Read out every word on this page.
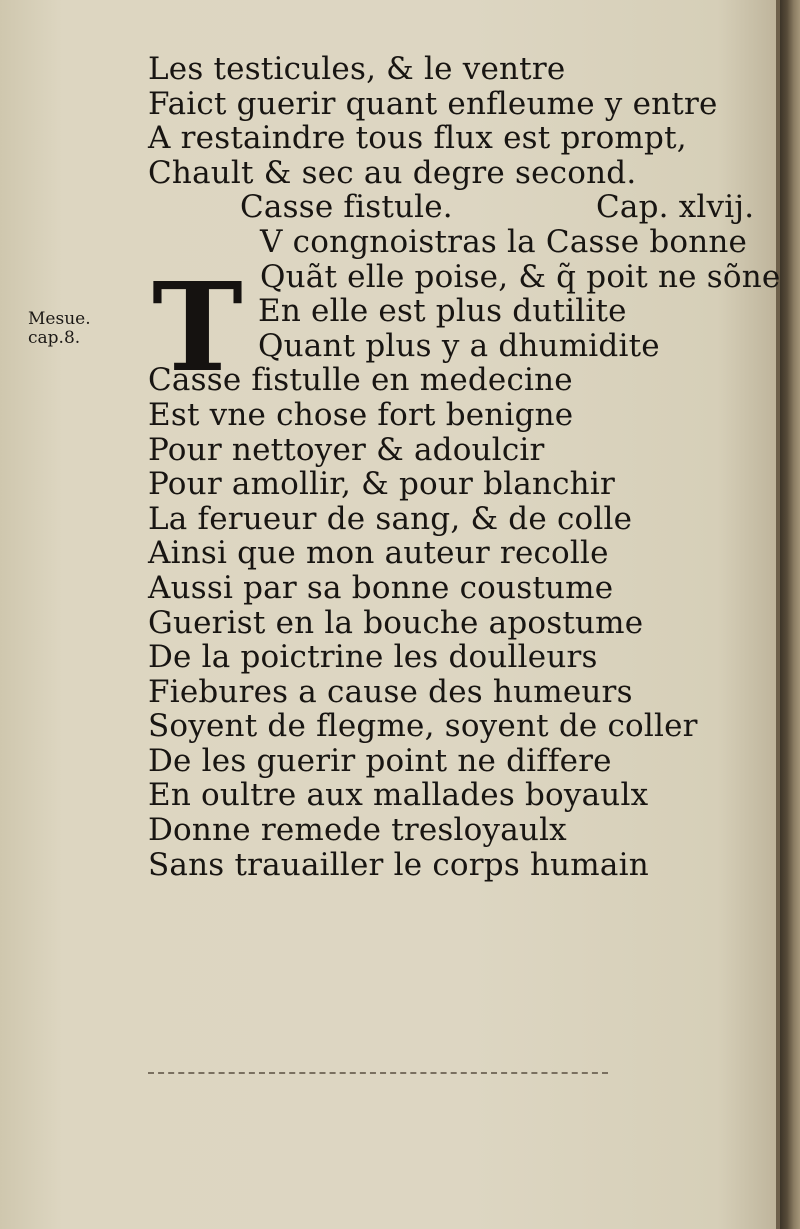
Mesue.
cap.8. T
Les testicules, & le ventre
Faict guerir quant enfleume y entre
A restaindre tous flux est prompt,
Chault & sec au degre second.
Casse fistule.	Cap. xlvij.
V congnoistras la Casse bonne
Quãt elle poise, & q̃ poit ne sõne
En elle est plus dutilite
Quant plus y a dhumidite
Casse fistulle en medecine
Est vne chose fort benigne
Pour nettoyer & adoulcir
Pour amollir, & pour blanchir
La ferueur de sang, & de colle
Ainsi que mon auteur recolle
Aussi par sa bonne coustume
Guerist en la bouche apostume
De la poictrine les doulleurs
Fiebures a cause des humeurs
Soyent de flegme, soyent de coller
De les guerir point ne differe
En oultre aux mallades boyaulx
Donne remede tresloyaulx
Sans trauailler le corps humain
